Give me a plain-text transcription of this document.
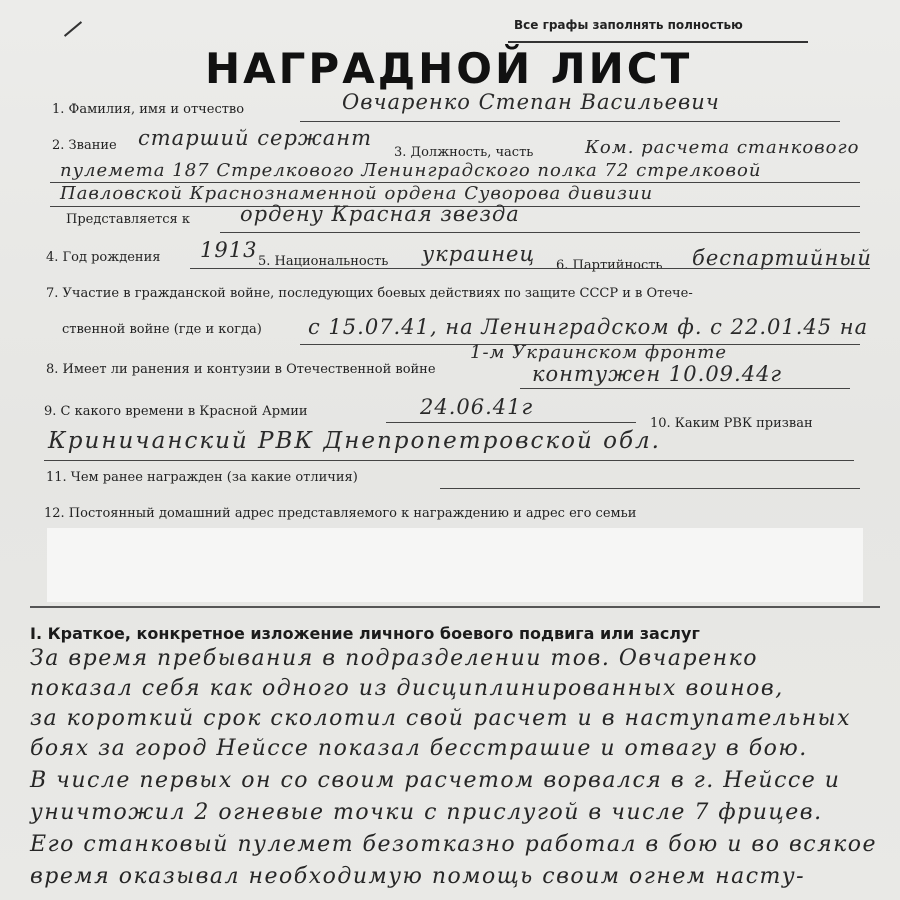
Все графы заполнять полностью
НАГРАДНОЙ ЛИСТ
1. Фамилия, имя и отчество	Овчаренко Степан Васильевич
2. Звание старший сержант
3. Должность, часть	Ком. расчета станкового
пулемета 187 Стрелкового Ленинградского полка 72 стрелковой
Павловской Краснознаменной ордена Суворова дивизии
Представляется к ордену Красная звезда
4. Год рождения 1913 5. Национальность украинец 6. Партийность беспартийный
7. Участие в гражданской войне, последующих боевых действиях по защите СССР и в Отече-
ственной войне (где и когда) с 15.07.41, на Ленинградском ф. с 22.01.45 на
1-м Украинском фронте
8. Имеет ли ранения и контузии в Отечественной войне	контужен 10.09.44г
9. С какого времени в Красной Армии	24.06.41г
10. Каким РВК призван
Криничанский РВК Днепропетровской обл.
11. Чем ранее награжден (за какие отличия)
12. Постоянный домашний адрес представляемого к награждению и адрес его семьи
I. Краткое, конкретное изложение личного боевого подвига или заслуг
За время пребывания в подразделении тов. Овчаренко
показал себя как одного из дисциплинированных воинов,
за короткий срок сколотил свой расчет и в наступательных
боях за город Нейссе показал бесстрашие и отвагу в бою.
В числе первых он со своим расчетом ворвался в г. Нейссе и
уничтожил 2 огневые точки с прислугой в числе 7 фрицев.
Его станковый пулемет безотказно работал в бою и во всякое
время оказывал необходимую помощь своим огнем насту-
